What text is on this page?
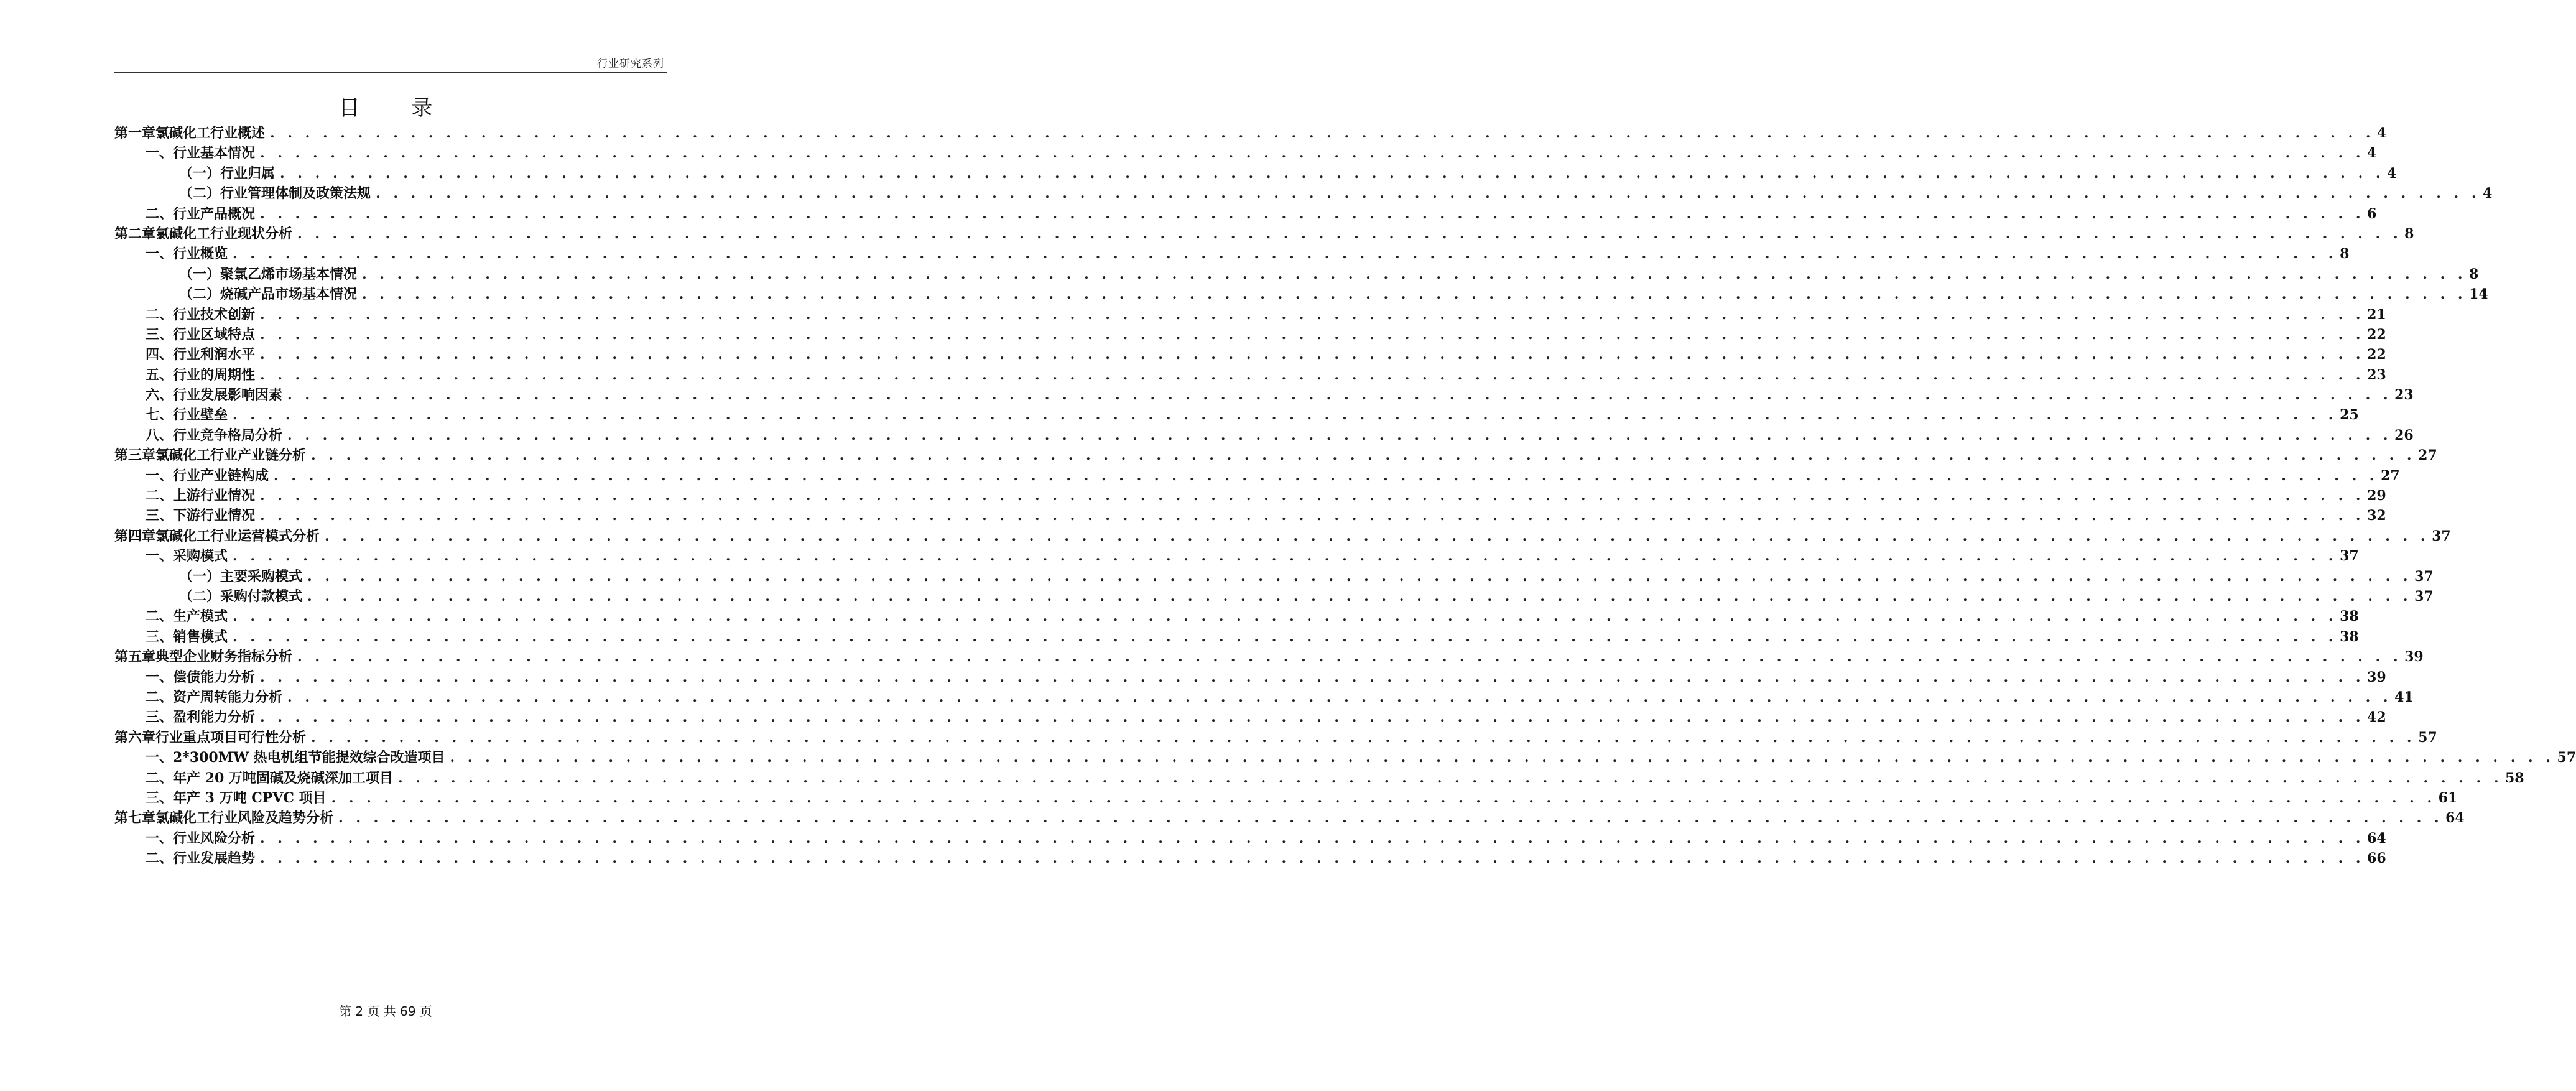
行业研究系列
目 录
第一章 氯碱化工行业概述 . . . . . . . . . . . . . . . . . . . . . . . . . . . . . . . . . . . . . . . . . . . . . . . . . . . . . . . . . . . . . . . . . . . . . . . . . . . . . . . . . . . . . . . . . . . . . . . . . . . . . . . . . . . . . . . . . . . . . . . . 4
一、行业基本情况 . . . . . . . . . . . . . . . . . . . . . . . . . . . . . . . . . . . . . . . . . . . . . . . . . . . . . . . . . . . . . . . . . . . . . . . . . . . . . . . . . . . . . . . . . . . . . . . . . . . . . . . . . . . . . . . . . . . . . . . . 4
（一）行业归属 . . . . . . . . . . . . . . . . . . . . . . . . . . . . . . . . . . . . . . . . . . . . . . . . . . . . . . . . . . . . . . . . . . . . . . . . . . . . . . . . . . . . . . . . . . . . . . . . . . . . . . . . . . . . . . . . . . . . . . . . 4
（二）行业管理体制及政策法规 . . . . . . . . . . . . . . . . . . . . . . . . . . . . . . . . . . . . . . . . . . . . . . . . . . . . . . . . . . . . . . . . . . . . . . . . . . . . . . . . . . . . . . . . . . . . . . . . . . . . . . . . . . . . . . . . . . . . . . . . 4
二、行业产品概况 . . . . . . . . . . . . . . . . . . . . . . . . . . . . . . . . . . . . . . . . . . . . . . . . . . . . . . . . . . . . . . . . . . . . . . . . . . . . . . . . . . . . . . . . . . . . . . . . . . . . . . . . . . . . . . . . . . . . . . . . 6
第二章 氯碱化工行业现状分析 . . . . . . . . . . . . . . . . . . . . . . . . . . . . . . . . . . . . . . . . . . . . . . . . . . . . . . . . . . . . . . . . . . . . . . . . . . . . . . . . . . . . . . . . . . . . . . . . . . . . . . . . . . . . . . . . . . . . . . . . 8
一、行业概览 . . . . . . . . . . . . . . . . . . . . . . . . . . . . . . . . . . . . . . . . . . . . . . . . . . . . . . . . . . . . . . . . . . . . . . . . . . . . . . . . . . . . . . . . . . . . . . . . . . . . . . . . . . . . . . . . . . . . . . . . 8
（一）聚氯乙烯市场基本情况 . . . . . . . . . . . . . . . . . . . . . . . . . . . . . . . . . . . . . . . . . . . . . . . . . . . . . . . . . . . . . . . . . . . . . . . . . . . . . . . . . . . . . . . . . . . . . . . . . . . . . . . . . . . . . . . . . . . . . . . . 8
（二）烧碱产品市场基本情况 . . . . . . . . . . . . . . . . . . . . . . . . . . . . . . . . . . . . . . . . . . . . . . . . . . . . . . . . . . . . . . . . . . . . . . . . . . . . . . . . . . . . . . . . . . . . . . . . . . . . . . . . . . . . . . . . . . . . . . . . 14
二、行业技术创新 . . . . . . . . . . . . . . . . . . . . . . . . . . . . . . . . . . . . . . . . . . . . . . . . . . . . . . . . . . . . . . . . . . . . . . . . . . . . . . . . . . . . . . . . . . . . . . . . . . . . . . . . . . . . . . . . . . . . . . . . 21
三、行业区域特点 . . . . . . . . . . . . . . . . . . . . . . . . . . . . . . . . . . . . . . . . . . . . . . . . . . . . . . . . . . . . . . . . . . . . . . . . . . . . . . . . . . . . . . . . . . . . . . . . . . . . . . . . . . . . . . . . . . . . . . . . 22
四、行业利润水平 . . . . . . . . . . . . . . . . . . . . . . . . . . . . . . . . . . . . . . . . . . . . . . . . . . . . . . . . . . . . . . . . . . . . . . . . . . . . . . . . . . . . . . . . . . . . . . . . . . . . . . . . . . . . . . . . . . . . . . . . 22
五、行业的周期性 . . . . . . . . . . . . . . . . . . . . . . . . . . . . . . . . . . . . . . . . . . . . . . . . . . . . . . . . . . . . . . . . . . . . . . . . . . . . . . . . . . . . . . . . . . . . . . . . . . . . . . . . . . . . . . . . . . . . . . . . 23
六、行业发展影响因素 . . . . . . . . . . . . . . . . . . . . . . . . . . . . . . . . . . . . . . . . . . . . . . . . . . . . . . . . . . . . . . . . . . . . . . . . . . . . . . . . . . . . . . . . . . . . . . . . . . . . . . . . . . . . . . . . . . . . . . . . 23
七、行业壁垒 . . . . . . . . . . . . . . . . . . . . . . . . . . . . . . . . . . . . . . . . . . . . . . . . . . . . . . . . . . . . . . . . . . . . . . . . . . . . . . . . . . . . . . . . . . . . . . . . . . . . . . . . . . . . . . . . . . . . . . . . 25
八、行业竞争格局分析 . . . . . . . . . . . . . . . . . . . . . . . . . . . . . . . . . . . . . . . . . . . . . . . . . . . . . . . . . . . . . . . . . . . . . . . . . . . . . . . . . . . . . . . . . . . . . . . . . . . . . . . . . . . . . . . . . . . . . . . . 26
第三章 氯碱化工行业产业链分析 . . . . . . . . . . . . . . . . . . . . . . . . . . . . . . . . . . . . . . . . . . . . . . . . . . . . . . . . . . . . . . . . . . . . . . . . . . . . . . . . . . . . . . . . . . . . . . . . . . . . . . . . . . . . . . . . . . . . . . . . 27
一、行业产业链构成 . . . . . . . . . . . . . . . . . . . . . . . . . . . . . . . . . . . . . . . . . . . . . . . . . . . . . . . . . . . . . . . . . . . . . . . . . . . . . . . . . . . . . . . . . . . . . . . . . . . . . . . . . . . . . . . . . . . . . . . . 27
二、上游行业情况 . . . . . . . . . . . . . . . . . . . . . . . . . . . . . . . . . . . . . . . . . . . . . . . . . . . . . . . . . . . . . . . . . . . . . . . . . . . . . . . . . . . . . . . . . . . . . . . . . . . . . . . . . . . . . . . . . . . . . . . . 29
三、下游行业情况 . . . . . . . . . . . . . . . . . . . . . . . . . . . . . . . . . . . . . . . . . . . . . . . . . . . . . . . . . . . . . . . . . . . . . . . . . . . . . . . . . . . . . . . . . . . . . . . . . . . . . . . . . . . . . . . . . . . . . . . . 32
第四章 氯碱化工行业运营模式分析 . . . . . . . . . . . . . . . . . . . . . . . . . . . . . . . . . . . . . . . . . . . . . . . . . . . . . . . . . . . . . . . . . . . . . . . . . . . . . . . . . . . . . . . . . . . . . . . . . . . . . . . . . . . . . . . . . . . . . . . . 37
一、采购模式 . . . . . . . . . . . . . . . . . . . . . . . . . . . . . . . . . . . . . . . . . . . . . . . . . . . . . . . . . . . . . . . . . . . . . . . . . . . . . . . . . . . . . . . . . . . . . . . . . . . . . . . . . . . . . . . . . . . . . . . . 37
（一）主要采购模式 . . . . . . . . . . . . . . . . . . . . . . . . . . . . . . . . . . . . . . . . . . . . . . . . . . . . . . . . . . . . . . . . . . . . . . . . . . . . . . . . . . . . . . . . . . . . . . . . . . . . . . . . . . . . . . . . . . . . . . . . 37
（二）采购付款模式 . . . . . . . . . . . . . . . . . . . . . . . . . . . . . . . . . . . . . . . . . . . . . . . . . . . . . . . . . . . . . . . . . . . . . . . . . . . . . . . . . . . . . . . . . . . . . . . . . . . . . . . . . . . . . . . . . . . . . . . . 37
二、生产模式 . . . . . . . . . . . . . . . . . . . . . . . . . . . . . . . . . . . . . . . . . . . . . . . . . . . . . . . . . . . . . . . . . . . . . . . . . . . . . . . . . . . . . . . . . . . . . . . . . . . . . . . . . . . . . . . . . . . . . . . . 38
三、销售模式 . . . . . . . . . . . . . . . . . . . . . . . . . . . . . . . . . . . . . . . . . . . . . . . . . . . . . . . . . . . . . . . . . . . . . . . . . . . . . . . . . . . . . . . . . . . . . . . . . . . . . . . . . . . . . . . . . . . . . . . . 38
第五章 典型企业财务指标分析 . . . . . . . . . . . . . . . . . . . . . . . . . . . . . . . . . . . . . . . . . . . . . . . . . . . . . . . . . . . . . . . . . . . . . . . . . . . . . . . . . . . . . . . . . . . . . . . . . . . . . . . . . . . . . . . . . . . . . . . . 39
一、偿债能力分析 . . . . . . . . . . . . . . . . . . . . . . . . . . . . . . . . . . . . . . . . . . . . . . . . . . . . . . . . . . . . . . . . . . . . . . . . . . . . . . . . . . . . . . . . . . . . . . . . . . . . . . . . . . . . . . . . . . . . . . . . 39
二、资产周转能力分析 . . . . . . . . . . . . . . . . . . . . . . . . . . . . . . . . . . . . . . . . . . . . . . . . . . . . . . . . . . . . . . . . . . . . . . . . . . . . . . . . . . . . . . . . . . . . . . . . . . . . . . . . . . . . . . . . . . . . . . . . 41
三、盈利能力分析 . . . . . . . . . . . . . . . . . . . . . . . . . . . . . . . . . . . . . . . . . . . . . . . . . . . . . . . . . . . . . . . . . . . . . . . . . . . . . . . . . . . . . . . . . . . . . . . . . . . . . . . . . . . . . . . . . . . . . . . . 42
第六章 行业重点项目可行性分析 . . . . . . . . . . . . . . . . . . . . . . . . . . . . . . . . . . . . . . . . . . . . . . . . . . . . . . . . . . . . . . . . . . . . . . . . . . . . . . . . . . . . . . . . . . . . . . . . . . . . . . . . . . . . . . . . . . . . . . . . 57
一、2*300MW 热电机组节能提效综合改造项目 . . . . . . . . . . . . . . . . . . . . . . . . . . . . . . . . . . . . . . . . . . . . . . . . . . . . . . . . . . . . . . . . . . . . . . . . . . . . . . . . . . . . . . . . . . . . . . . . . . . . . . . . . . . . . . . . . . . . . . . . 57
二、年产 20 万吨固碱及烧碱深加工项目 . . . . . . . . . . . . . . . . . . . . . . . . . . . . . . . . . . . . . . . . . . . . . . . . . . . . . . . . . . . . . . . . . . . . . . . . . . . . . . . . . . . . . . . . . . . . . . . . . . . . . . . . . . . . . . . . . . . . . . . . 58
三、年产 3 万吨 CPVC 项目 . . . . . . . . . . . . . . . . . . . . . . . . . . . . . . . . . . . . . . . . . . . . . . . . . . . . . . . . . . . . . . . . . . . . . . . . . . . . . . . . . . . . . . . . . . . . . . . . . . . . . . . . . . . . . . . . . . . . . . . . 61
第七章 氯碱化工行业风险及趋势分析 . . . . . . . . . . . . . . . . . . . . . . . . . . . . . . . . . . . . . . . . . . . . . . . . . . . . . . . . . . . . . . . . . . . . . . . . . . . . . . . . . . . . . . . . . . . . . . . . . . . . . . . . . . . . . . . . . . . . . . . . 64
一、行业风险分析 . . . . . . . . . . . . . . . . . . . . . . . . . . . . . . . . . . . . . . . . . . . . . . . . . . . . . . . . . . . . . . . . . . . . . . . . . . . . . . . . . . . . . . . . . . . . . . . . . . . . . . . . . . . . . . . . . . . . . . . . 64
二、行业发展趋势 . . . . . . . . . . . . . . . . . . . . . . . . . . . . . . . . . . . . . . . . . . . . . . . . . . . . . . . . . . . . . . . . . . . . . . . . . . . . . . . . . . . . . . . . . . . . . . . . . . . . . . . . . . . . . . . . . . . . . . . . 66
第 2 页 共 69 页
